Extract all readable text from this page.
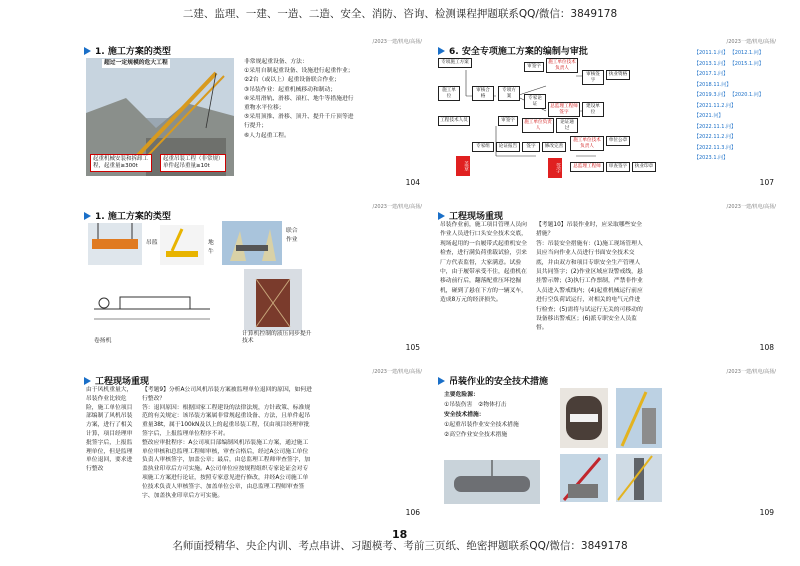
二建、监理、一建、一造、二造、安全、消防、咨询、检测课程押题联系QQ/微信：3849178
/2023一建/机电/高扬/
1. 施工方案的类型
超过一定规模的危大工程
起重机械安装和拆卸工程，起重量≥300t
起重吊装工程（非常规）单件起吊重量≥10t
非常规起重设备、方法：
①采用自制起重设备、设施进行起重作业；
②2台（或以上）起重设备联合作业；
③吊装作业：起重机械移动和制动；
④采用滑轨、滑移、滚杠、地牛等措施进行重物水平位移；
⑤采用顶推、滑移、顶升、提升千斤顶等进行提升；
⑥人力起重工程。
104
/2023一建/机电/高扬/
6. 安全专项施工方案的编制与审批
专项施工方案
施工单位
审核合格
专项方案
审签字
施工单位技术负责人
审核签字
执业资格
工程技术人员
专家论证	总监理工程师签字
建设单位
审签字	施工单位负责人
论证通过
专家组	论证报告	签字	修改完善
施工单位技术负责人
单位公章
总监理工程师	审查签字	执业印章
盖章	签字
【2011.1.问】 【2012.1.问】
【2013.1.问】 【2015.1.问】
【2017.1.问】
【2018.11.问】
【2019.3.问】 【2020.1.问】
【2021.11.2.问】
【2021.问】
【2022.11.1.问】
【2022.11.2.问】
【2022.11.3.问】
【2023.1.问】
107
/2023一建/机电/高扬/
1. 施工方案的类型
吊篮	地牛
联合作业
卷扬机
计算机控制的液压同步提升技术
105
/2023一建/机电/高扬/
工程现场重现
吊装作业前，施工项目管理人员向作业人员进行口头安全技术交底，现场起用的一台履带式起重机安全检查，进行满负荷重载试验，引来厂方代表监督，大家满意。试验中，由于履带承受不住，起重机在移动前行后，翻落配重压坏挖掘机，碰到了悬在下方的一辆叉车，造成8万元的经济损失。
【考题10】吊装作业时，应采取哪些安全措施？
答：吊装安全措施有：(1)施工现场管理人员应当向作业人员进行书面安全技术交底，并由双方和项目专职安全生产管理人员共同签字；(2)作业区域应设警戒线，悬挂警示牌；(3)执行工作票制，严禁非作业人员进入警戒线内；(4)起重机械运行前应进行空负荷试运行，对相关的电气元件进行检查；(5)需将与试运行无关的可移动的设备移出警戒区；(6)派专职安全人员监督。
108
/2023一建/机电/高扬/
工程现场重现
由于风机重量大，吊装作业比较危险，施工单位项目部编制了风机吊装方案，进行了相关计算，项目经理审批签字后，上报监理单位，但是监理单位退回，要求进行整改
【考题9】分析A公司风机吊装方案被监理单位退回的原因，如何进行整改？
答：退回原因：根据国家工程建设的法律法规，方针政策、标准规范的有关规定：该吊装方案属非常规起重设备、方法，且单件起吊重量38t，属于100kN及以上的起重吊装工程，仅由项目经理审批签字后，上报监理单位程序不对。
整改应审批程序：A公司项目部编制风机吊装施工方案，通过施工单位审核和总监理工程师审核，审查合格后，经过A公司施工单位负责人审核签字，加盖公章；最后，由总监理工程师审查签字，加盖执业印章后方可实施。A公司单位应按规程组织专家论证会对专项施工方案进行论证，按照专家意见进行修改，并经A公司施工单位技术负责人审核签字、加盖单位公章，由总监理工程师审查签字、加盖执业印章后方可实施。
106
/2023一建/机电/高扬/
吊装作业的安全技术措施
主要危险源：
①吊装伤害　②物体打击
安全技术措施：
①起重吊装作业安全技术措施
②高空作业安全技术措施
109
18
名师面授精华、央企内训、考点串讲、习题模考、考前三页纸、绝密押题联系QQ/微信：3849178
